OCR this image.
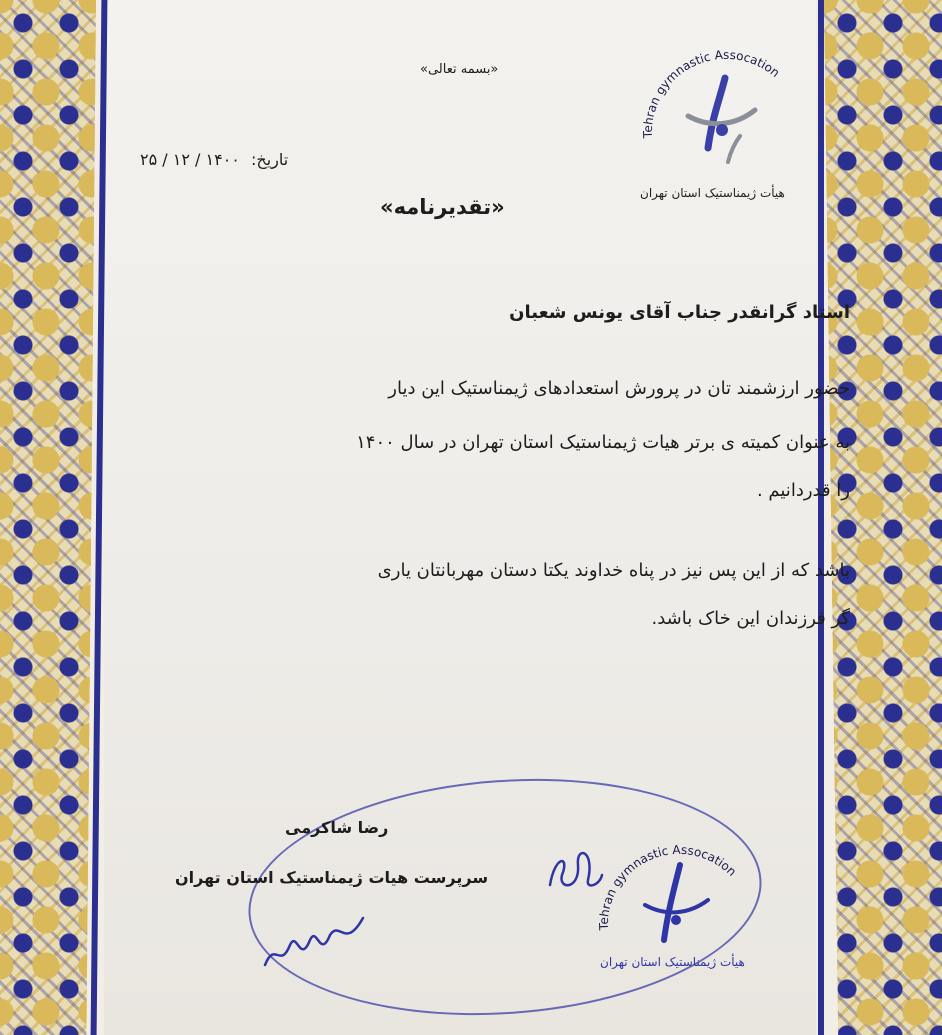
«بسمه تعالی»
تاریخ: ۱۴۰۰ / ۱۲ / ۲۵
«تقدیرنامه»
Tehran gymnastic Assocation
هیأت ژیمناستیک استان تهران
استاد گرانقدر جناب آقای یونس شعبان
حضور ارزشمند تان در پرورش استعدادهای ژیمناستیک این دیار
به عنوان کمیته ی برتر هیات ژیمناستیک استان تهران در سال ۱۴۰۰
را قدردانیم .
باشد که از این پس نیز در پناه خداوند یکتا دستان مهربانتان یاری
گر فرزندان این خاک باشد.
رضا شاکرمی
سرپرست هیات ژیمناستیک استان تهران
Tehran gymnastic Assocation
هیأت ژیمناستیک استان تهران
